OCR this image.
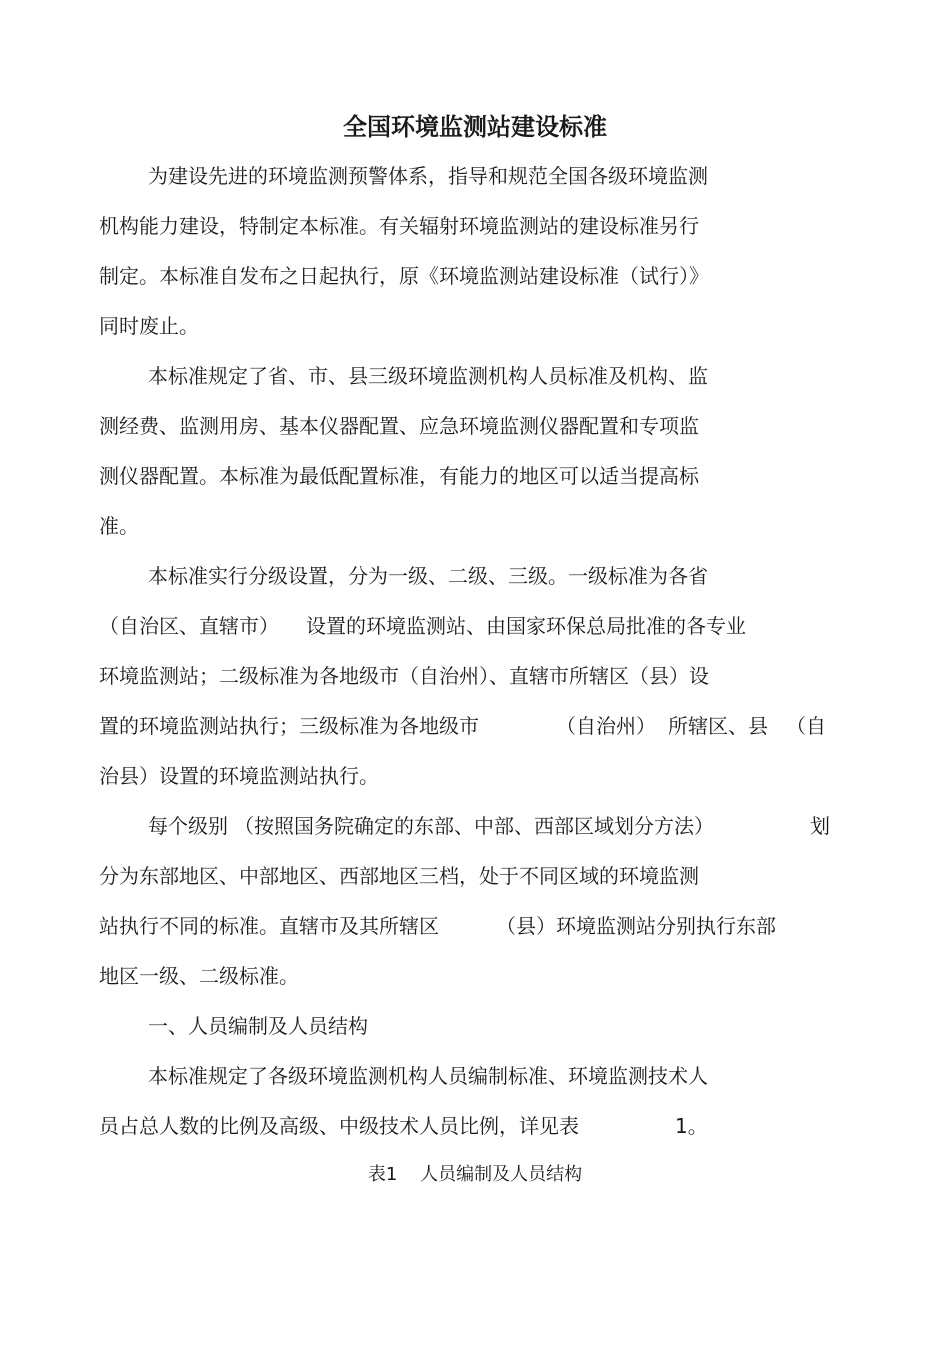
全国环境监测站建设标准

为建设先进的环境监测预警体系，指导和规范全国各级环境监测

机构能力建设，特制定本标准。有关辐射环境监测站的建设标准另行

制定。本标准自发布之日起执行，原《环境监测站建设标准（试行）》

同时废止。

本标准规定了省、市、县三级环境监测机构人员标准及机构、监

测经费、监测用房、基本仪器配置、应急环境监测仪器配置和专项监

测仪器配置。本标准为最低配置标准，有能力的地区可以适当提高标

准。

本标准实行分级设置，分为一级、二级、三级。一级标准为各省

（自治区、直辖市） 设置的环境监测站、由国家环保总局批准的各专业

环境监测站；二级标准为各地级市（自治州）、直辖市所辖区（县）设

置的环境监测站执行；三级标准为各地级市	（自治州） 所辖区、县 （自

治县）设置的环境监测站执行。

每个级别 （按照国务院确定的东部、中部、西部区域划分方法）	划

分为东部地区、中部地区、西部地区三档，处于不同区域的环境监测

站执行不同的标准。直辖市及其所辖区	（县）环境监测站分别执行东部

地区一级、二级标准。

一、人员编制及人员结构

本标准规定了各级环境监测机构人员编制标准、环境监测技术人

员占总人数的比例及高级、中级技术人员比例，详见表	1。

表1    人员编制及人员结构
